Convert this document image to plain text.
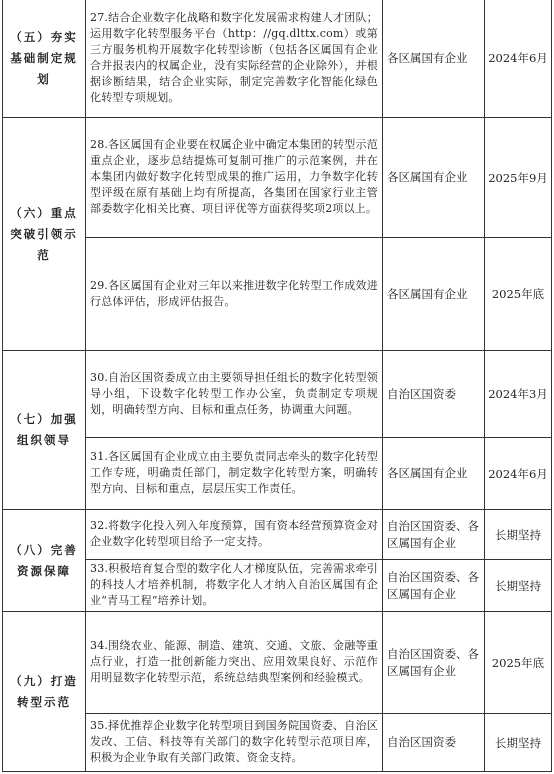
（五）夯实基础制定规划	27.结合企业数字化战略和数字化发展需求构建人才团队；运用数字化转型服务平台（http：//gq.dlttx.com）或第三方服务机构开展数字化转型诊断（包括各区属国有企业合并报表内的权属企业，没有实际经营的企业除外），并根据诊断结果，结合企业实际，制定完善数字化智能化绿色化转型专项规划。	各区属国有企业	2024年6月
（六）重点突破引领示范	28.各区属国有企业要在权属企业中确定本集团的转型示范重点企业，逐步总结提炼可复制可推广的示范案例，并在本集团内做好数字化转型成果的推广运用，力争数字化转型评级在原有基础上均有所提高，各集团在国家行业主管部委数字化相关比赛、项目评优等方面获得奖项2项以上。	各区属国有企业	2025年9月
	29.各区属国有企业对三年以来推进数字化转型工作成效进行总体评估，形成评估报告。	各区属国有企业	2025年底
（七）加强组织领导	30.自治区国资委成立由主要领导担任组长的数字化转型领导小组，下设数字化转型工作办公室，负责制定专项规划，明确转型方向、目标和重点任务，协调重大问题。	自治区国资委	2024年3月
	31.各区属国有企业成立由主要负责同志牵头的数字化转型工作专班，明确责任部门，制定数字化转型方案，明确转型方向、目标和重点，层层压实工作责任。	各区属国有企业	2024年6月
（八）完善资源保障	32.将数字化投入列入年度预算，国有资本经营预算资金对企业数字化转型项目给予一定支持。	自治区国资委、各区属国有企业	长期坚持
	33.积极培育复合型的数字化人才梯度队伍，完善需求牵引的科技人才培养机制，将数字化人才纳入自治区属国有企业“青马工程”培养计划。	自治区国资委、各区属国有企业	长期坚持
（九）打造转型示范	34.围绕农业、能源、制造、建筑、交通、文旅、金融等重点行业，打造一批创新能力突出、应用效果良好、示范作用明显数字化转型示范，系统总结典型案例和经验模式。	自治区国资委、各区属国有企业	2025年底
	35.择优推荐企业数字化转型项目到国务院国资委、自治区发改、工信、科技等有关部门的数字化转型示范项目库，积极为企业争取有关部门政策、资金支持。	自治区国资委	长期坚持
